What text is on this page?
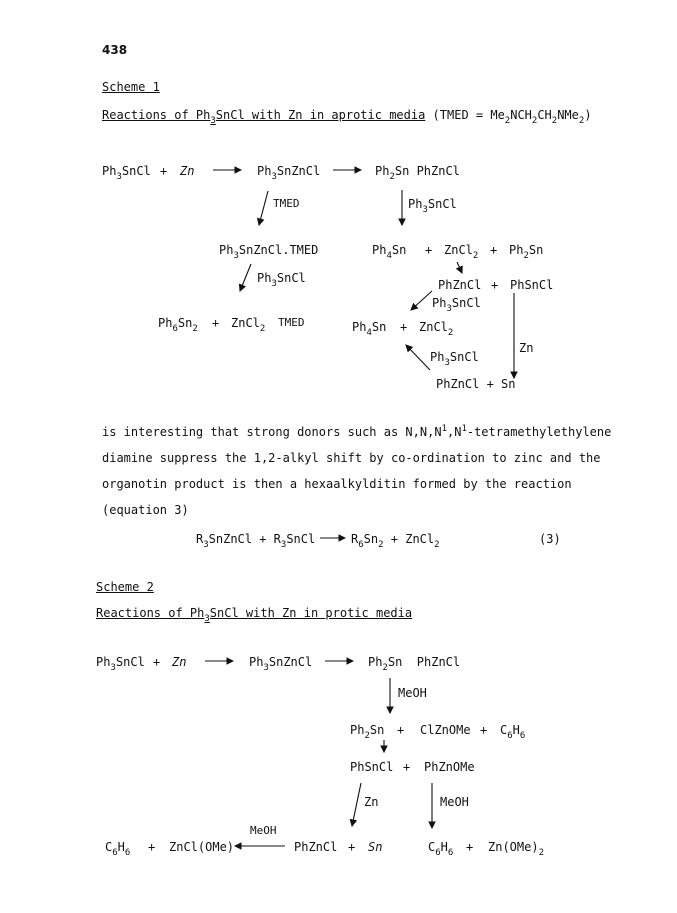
438
Scheme 1
Reactions of $Ph_3SnCl$ with Zn in aprotic media (TMED = $Me_2NCH_2CH_2NMe_2$)
$Ph_3SnCl + Zn$	$Ph_3SnZnCl$	$Ph_2Sn$ PhZnCl
TMED	$Ph_3SnCl$
$Ph_3SnZnCl.TMED$	$Ph_4Sn$ + ZnCl$_2$ + $Ph_2Sn$
$Ph_3SnCl$	PhZnCl + PhSnCl
$Ph_3SnCl$
$Ph_6Sn_2$ + ZnCl$_2$ TMED	$Ph_4Sn$ + ZnCl$_2$
Zn
$Ph_3SnCl$
PhZnCl + Sn
is interesting that strong donors such as $N,N,N^1,N^1$-tetramethylethylene
diamine suppress the 1,2-alkyl shift by co-ordination to zinc and the
organotin product is then a hexaalkylditin formed by the reaction
(equation 3)
$R_3SnZnCl$ + $R_3SnCl$	$R_6Sn_2$ + ZnCl$_2$	(3)
Scheme 2
Reactions of $Ph_3SnCl$ with Zn in protic media
$Ph_3SnCl + Zn$	$Ph_3SnZnCl$	$Ph_2Sn$ PhZnCl
MeOH
$Ph_2Sn$ + ClZnOMe + $C_6H_6$
PhSnCl + PhZnOMe
Zn	MeOH
$C_6H_6$ + ZnCl(OMe)
MeOH
PhZnCl + Sn	$C_6H_6 + Zn(OMe)_2$
